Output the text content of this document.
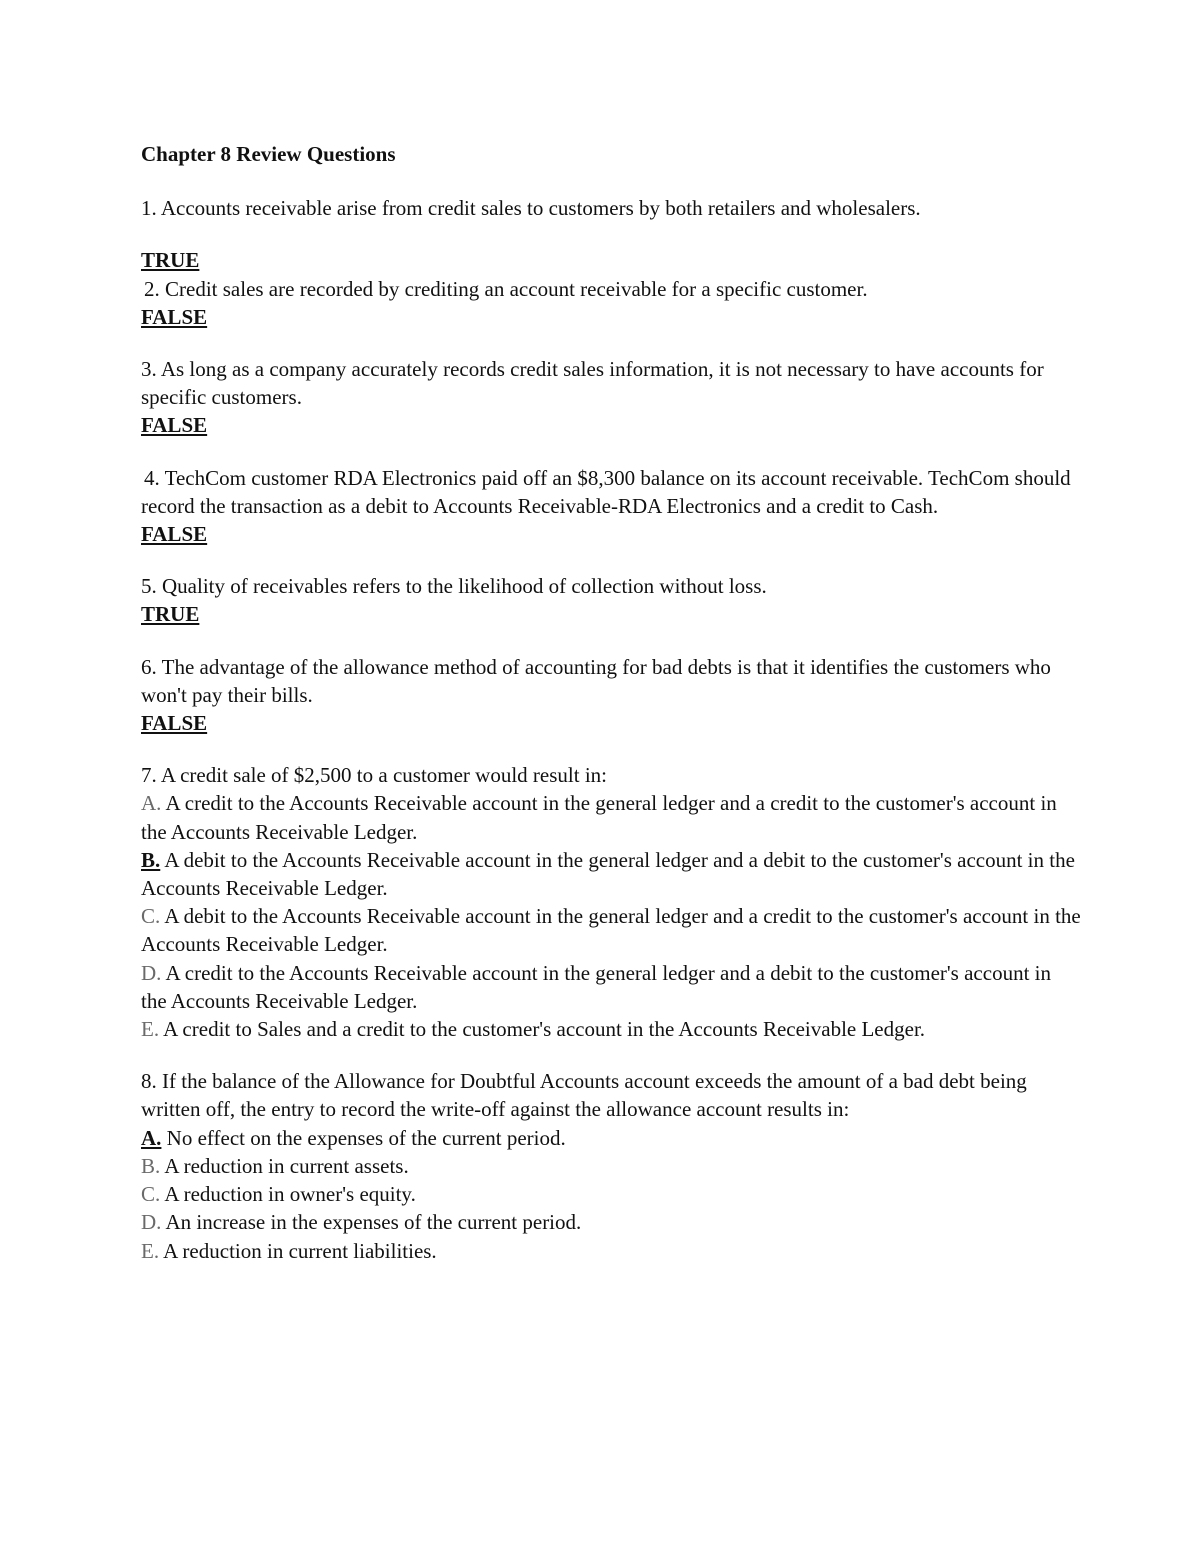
Chapter 8 Review Questions

1. Accounts receivable arise from credit sales to customers by both retailers and wholesalers.

TRUE

2. Credit sales are recorded by crediting an account receivable for a specific customer.

FALSE

3. As long as a company accurately records credit sales information, it is not necessary to have accounts for specific customers.

FALSE

4. TechCom customer RDA Electronics paid off an $8,300 balance on its account receivable. TechCom should record the transaction as a debit to Accounts Receivable-RDA Electronics and a credit to Cash.

FALSE

5. Quality of receivables refers to the likelihood of collection without loss.

TRUE

6. The advantage of the allowance method of accounting for bad debts is that it identifies the customers who won't pay their bills.

FALSE

7. A credit sale of $2,500 to a customer would result in:

A. A credit to the Accounts Receivable account in the general ledger and a credit to the customer's account in the Accounts Receivable Ledger.

B. A debit to the Accounts Receivable account in the general ledger and a debit to the customer's account in the Accounts Receivable Ledger.

C. A debit to the Accounts Receivable account in the general ledger and a credit to the customer's account in the Accounts Receivable Ledger.

D. A credit to the Accounts Receivable account in the general ledger and a debit to the customer's account in the Accounts Receivable Ledger.

E. A credit to Sales and a credit to the customer's account in the Accounts Receivable Ledger.

8. If the balance of the Allowance for Doubtful Accounts account exceeds the amount of a bad debt being written off, the entry to record the write-off against the allowance account results in:

A. No effect on the expenses of the current period.

B. A reduction in current assets.

C. A reduction in owner's equity.

D. An increase in the expenses of the current period.

E. A reduction in current liabilities.
